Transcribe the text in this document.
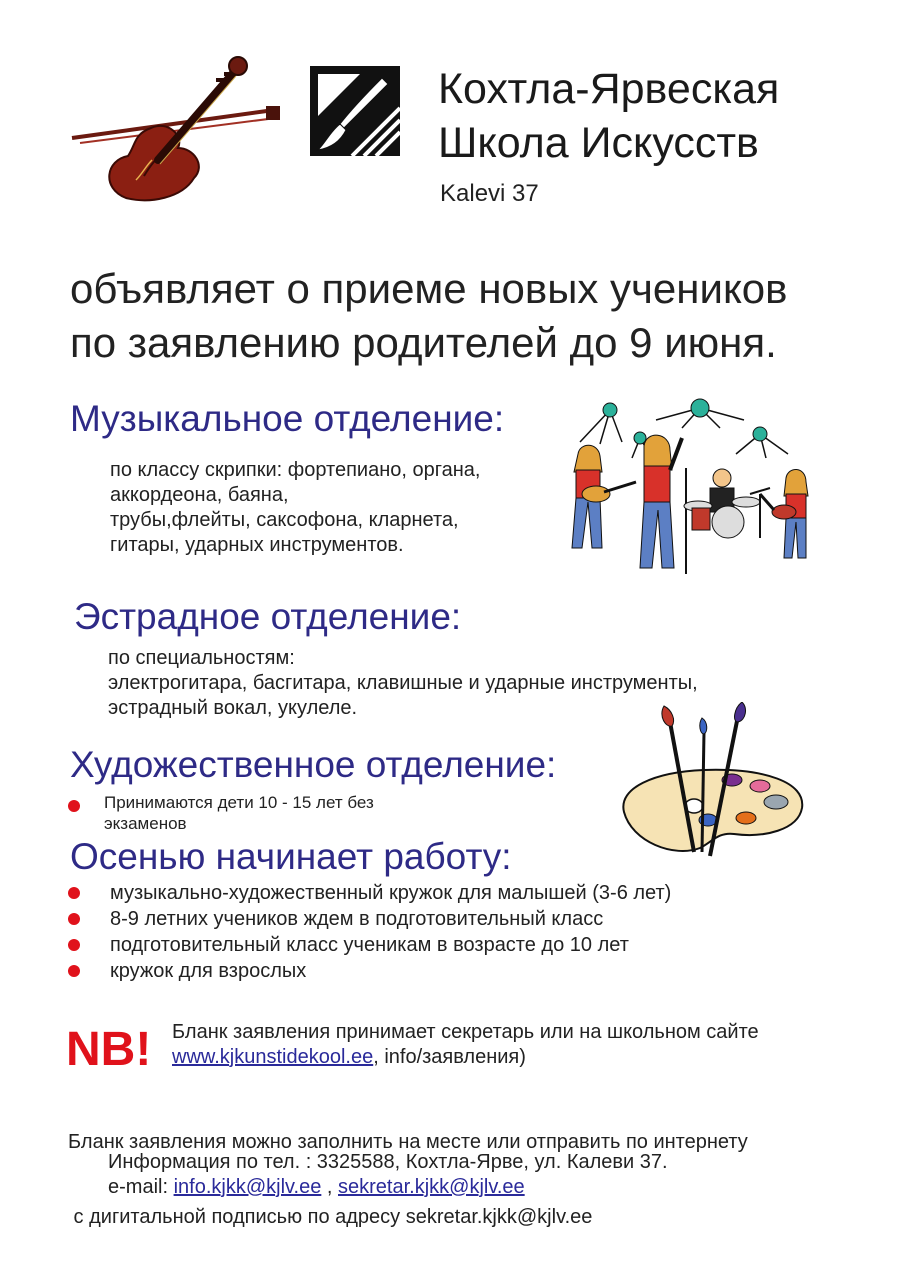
Кохтла-Ярвеская
Школа Искусств
Kalevi 37
объявляет о приеме новых учеников
по заявлению родителей до 9 июня.
Музыкальное отделение:
по классу скрипки: фортепиано, органа,
аккордеона, баяна,
трубы,флейты, саксофона, кларнета,
гитары, ударных инструментов.
Эстрадное отделение:
по специальностям:
электрогитара, басгитара, клавишные и ударные инструменты,
эстрадный вокал, укулеле.
Художественное отделение:
Принимаются дети 10 - 15 лет без
экзаменов
Осенью начинает работу:
музыкально-художественный кружок для малышей (3-6 лет)
8-9 летних учеников ждем в подготовительный класс
подготовительный класс ученикам в возрасте до 10 лет
кружок для взрослых
NB! Бланк заявления принимает секретарь или на школьном сайте
www.kjkunstidekool.ee, info/заявления)

Бланк заявления можно заполнить на месте или отправить по интернету

с дигитальной подписью по адресу sekretar.kjkk@kjlv.ee

Информация по тел. : 3325588, Кохтла-Ярве, ул. Калеви 37.
e-mail: info.kjkk@kjlv.ee , sekretar.kjkk@kjlv.ee
